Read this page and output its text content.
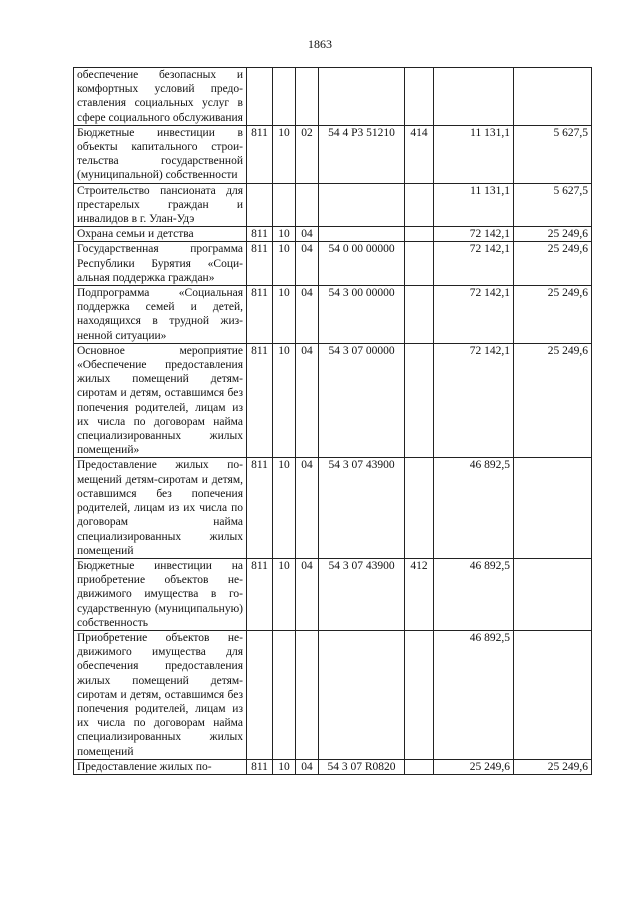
1863
обеспечение безопасных и комфортных условий предоставления социальных услуг в сфере социального обслуживания							
Бюджетные инвестиции в объекты капитального строительства государственной (муниципальной) собственности	811	10	02	54 4 P3 51210	414	11 131,1	5 627,5
Строительство пансионата для престарелых граждан и инвалидов в г. Улан-Удэ						11 131,1	5 627,5
Охрана семьи и детства	811	10	04			72 142,1	25 249,6
Государственная программа Республики Бурятия «Социальная поддержка граждан»	811	10	04	54 0 00 00000		72 142,1	25 249,6
Подпрограмма «Социальная поддержка семей и детей, находящихся в трудной жизненной ситуации»	811	10	04	54 3 00 00000		72 142,1	25 249,6
Основное мероприятие «Обеспечение предоставления жилых помещений детям-сиротам и детям, оставшимся без попечения родителей, лицам из их числа по договорам найма специализированных жилых помещений»	811	10	04	54 3 07 00000		72 142,1	25 249,6
Предоставление жилых помещений детям-сиротам и детям, оставшимся без попечения родителей, лицам из их числа по договорам найма специализированных жилых помещений	811	10	04	54 3 07 43900		46 892,5	
Бюджетные инвестиции на приобретение объектов недвижимого имущества в государственную (муниципальную) собственность	811	10	04	54 3 07 43900	412	46 892,5	
Приобретение объектов недвижимого имущества для обеспечения предоставления жилых помещений детям-сиротам и детям, оставшимся без попечения родителей, лицам из их числа по договорам найма специализированных жилых помещений						46 892,5	
Предоставление жилых по-	811	10	04	54 3 07 R0820		25 249,6	25 249,6
